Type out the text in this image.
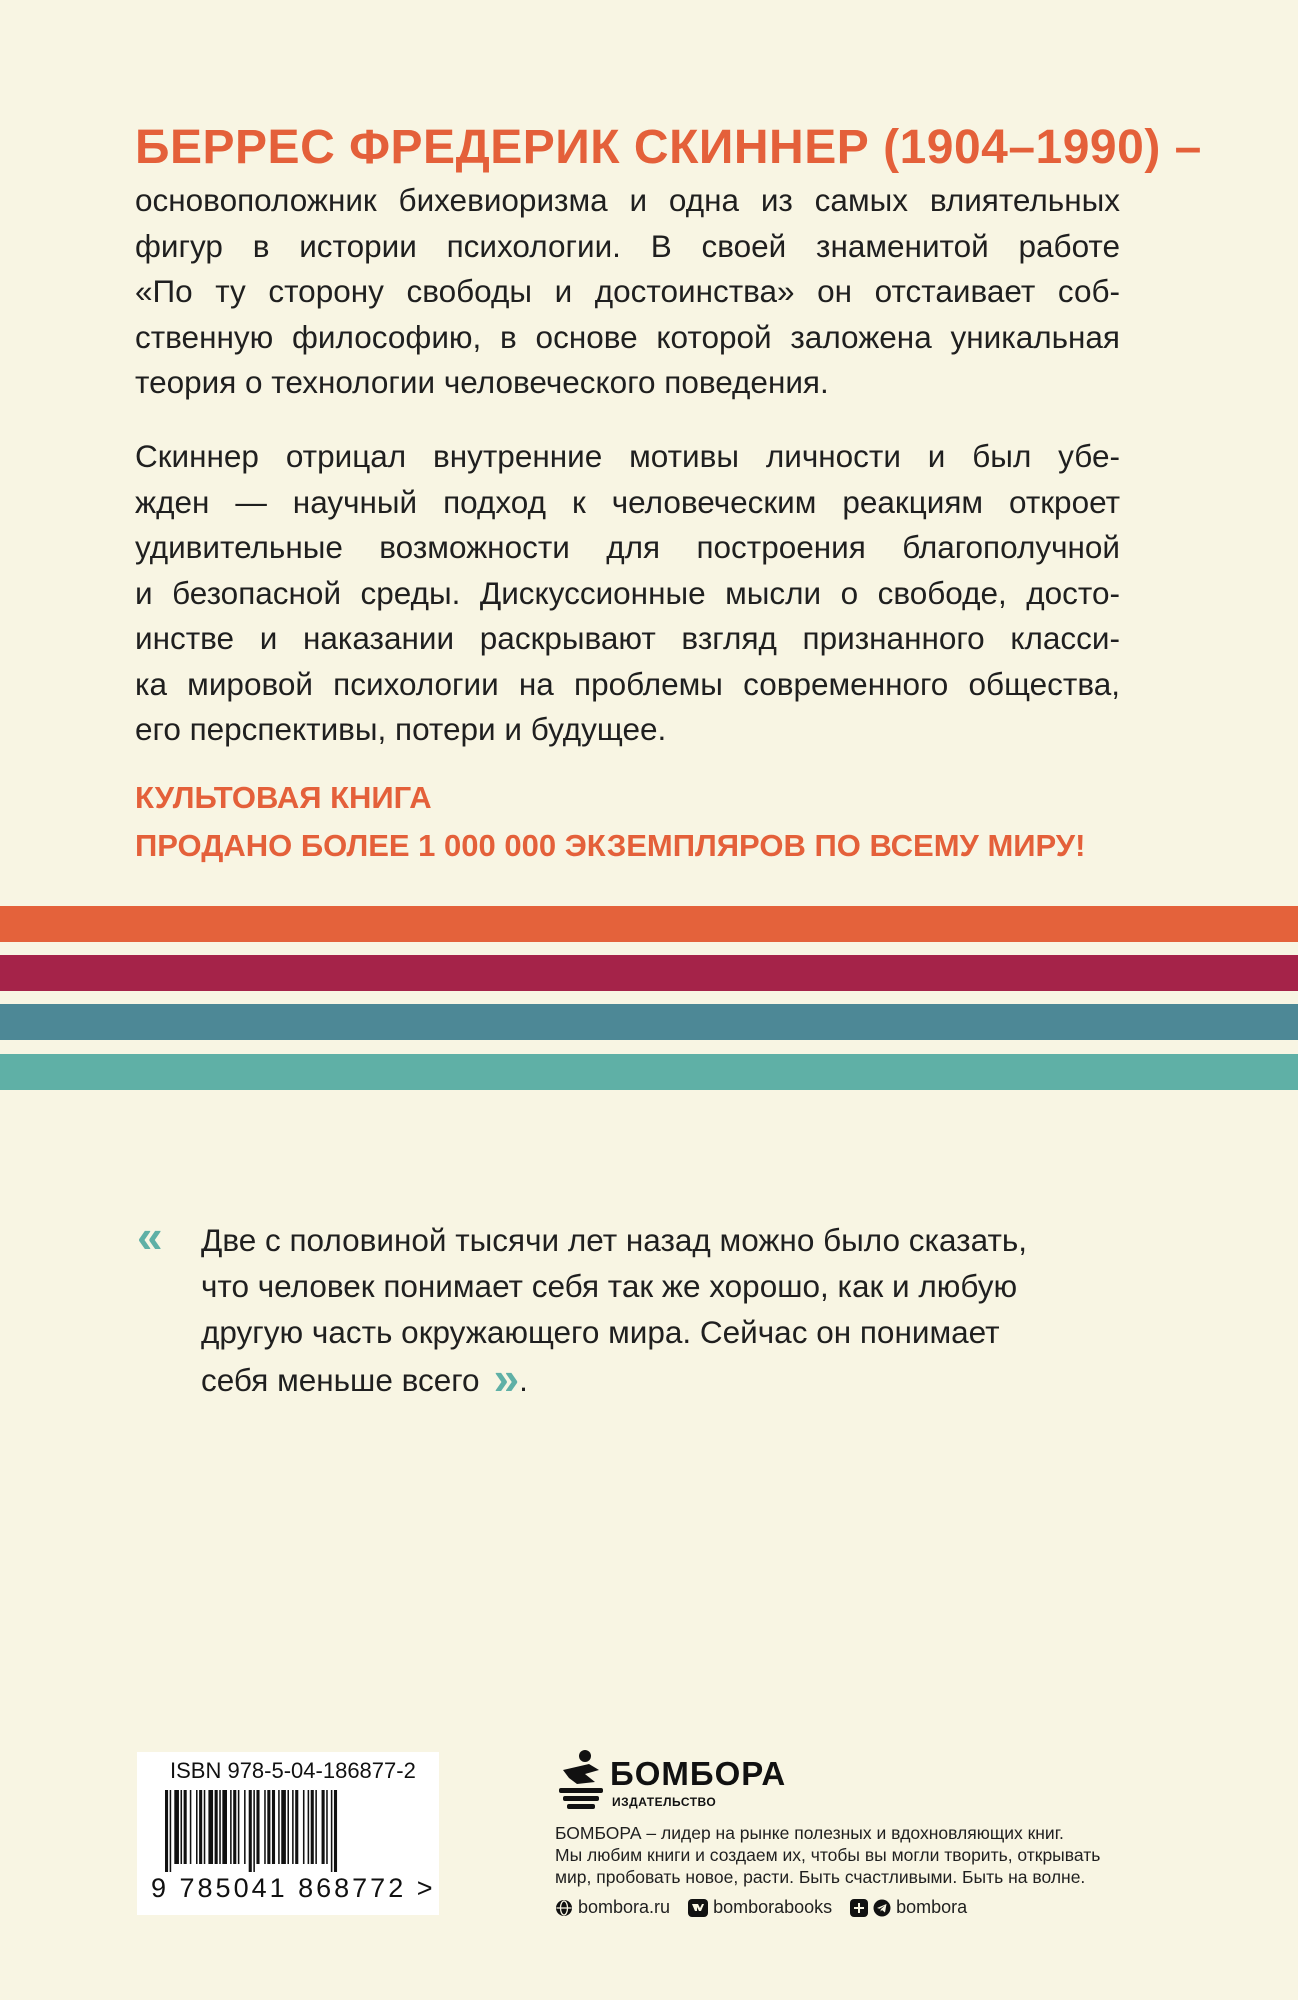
БЕРРЕС ФРЕДЕРИК СКИННЕР (1904–1990) –

основоположник бихевиоризма и одна из самых влиятельных
фигур в истории психологии. В своей знаменитой работе
«По ту сторону свободы и достоинства» он отстаивает соб-
ственную философию, в основе которой заложена уникальная
теория о технологии человеческого поведения.

Скиннер отрицал внутренние мотивы личности и был убе-
жден — научный подход к человеческим реакциям откроет
удивительные возможности для построения благополучной
и безопасной среды. Дискуссионные мысли о свободе, досто-
инстве и наказании раскрывают взгляд признанного класси-
ка мировой психологии на проблемы современного общества,
его перспективы, потери и будущее.

КУЛЬТОВАЯ КНИГА

ПРОДАНО БОЛЕЕ 1 000 000 ЭКЗЕМПЛЯРОВ ПО ВСЕМУ МИРУ!

« Две с половиной тысячи лет назад можно было сказать,
что человек понимает себя так же хорошо, как и любую
другую часть окружающего мира. Сейчас он понимает
себя меньше всего ».
ISBN 978-5-04-186877-2
9 785041 868772 >
БОМБОРА
ИЗДАТЕЛЬСТВО
БОМБОРА – лидер на рынке полезных и вдохновляющих книг.
Мы любим книги и создаем их, чтобы вы могли творить, открывать
мир, пробовать новое, расти. Быть счастливыми. Быть на волне.
bombora.ru bomborabooks	bombora
